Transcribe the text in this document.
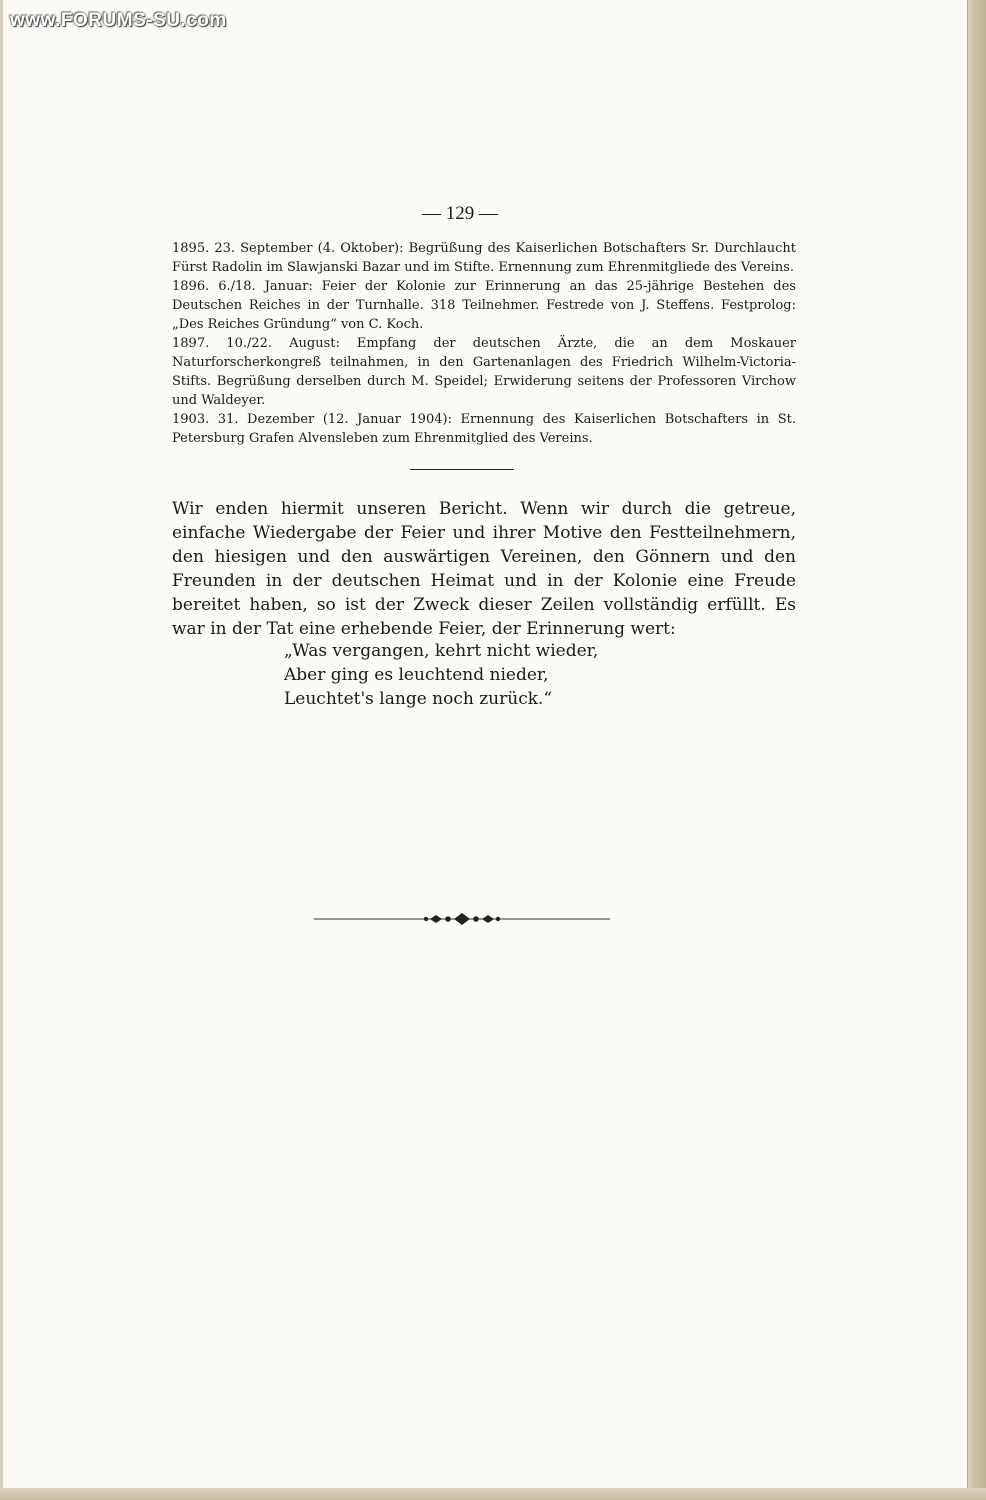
www.FORUMS-SU.com
— 129 —

1895. 23. September (4. Oktober): Begrüßung des Kaiserlichen Botschafters Sr. Durchlaucht Fürst Radolin im Slawjanski Bazar und im Stifte. Ernennung zum Ehrenmitgliede des Vereins.

1896. 6./18. Januar: Feier der Kolonie zur Erinnerung an das 25-jährige Bestehen des Deutschen Reiches in der Turnhalle. 318 Teilnehmer. Festrede von J. Steffens. Festprolog: „Des Reiches Gründung“ von C. Koch.

1897. 10./22. August: Empfang der deutschen Ärzte, die an dem Moskauer Naturforscherkongreß teilnahmen, in den Gartenanlagen des Friedrich Wilhelm-Victoria-Stifts. Begrüßung derselben durch M. Speidel; Erwiderung seitens der Professoren Virchow und Waldeyer.

1903. 31. Dezember (12. Januar 1904): Ernennung des Kaiserlichen Botschafters in St. Petersburg Grafen Alvensleben zum Ehrenmitglied des Vereins.

Wir enden hiermit unseren Bericht. Wenn wir durch die getreue, einfache Wiedergabe der Feier und ihrer Motive den Festteilnehmern, den hiesigen und den auswärtigen Vereinen, den Gönnern und den Freunden in der deutschen Heimat und in der Kolonie eine Freude bereitet haben, so ist der Zweck dieser Zeilen vollständig erfüllt. Es war in der Tat eine erhebende Feier, der Erinnerung wert:

„Was vergangen, kehrt nicht wieder,
Aber ging es leuchtend nieder,
Leuchtet's lange noch zurück.“
